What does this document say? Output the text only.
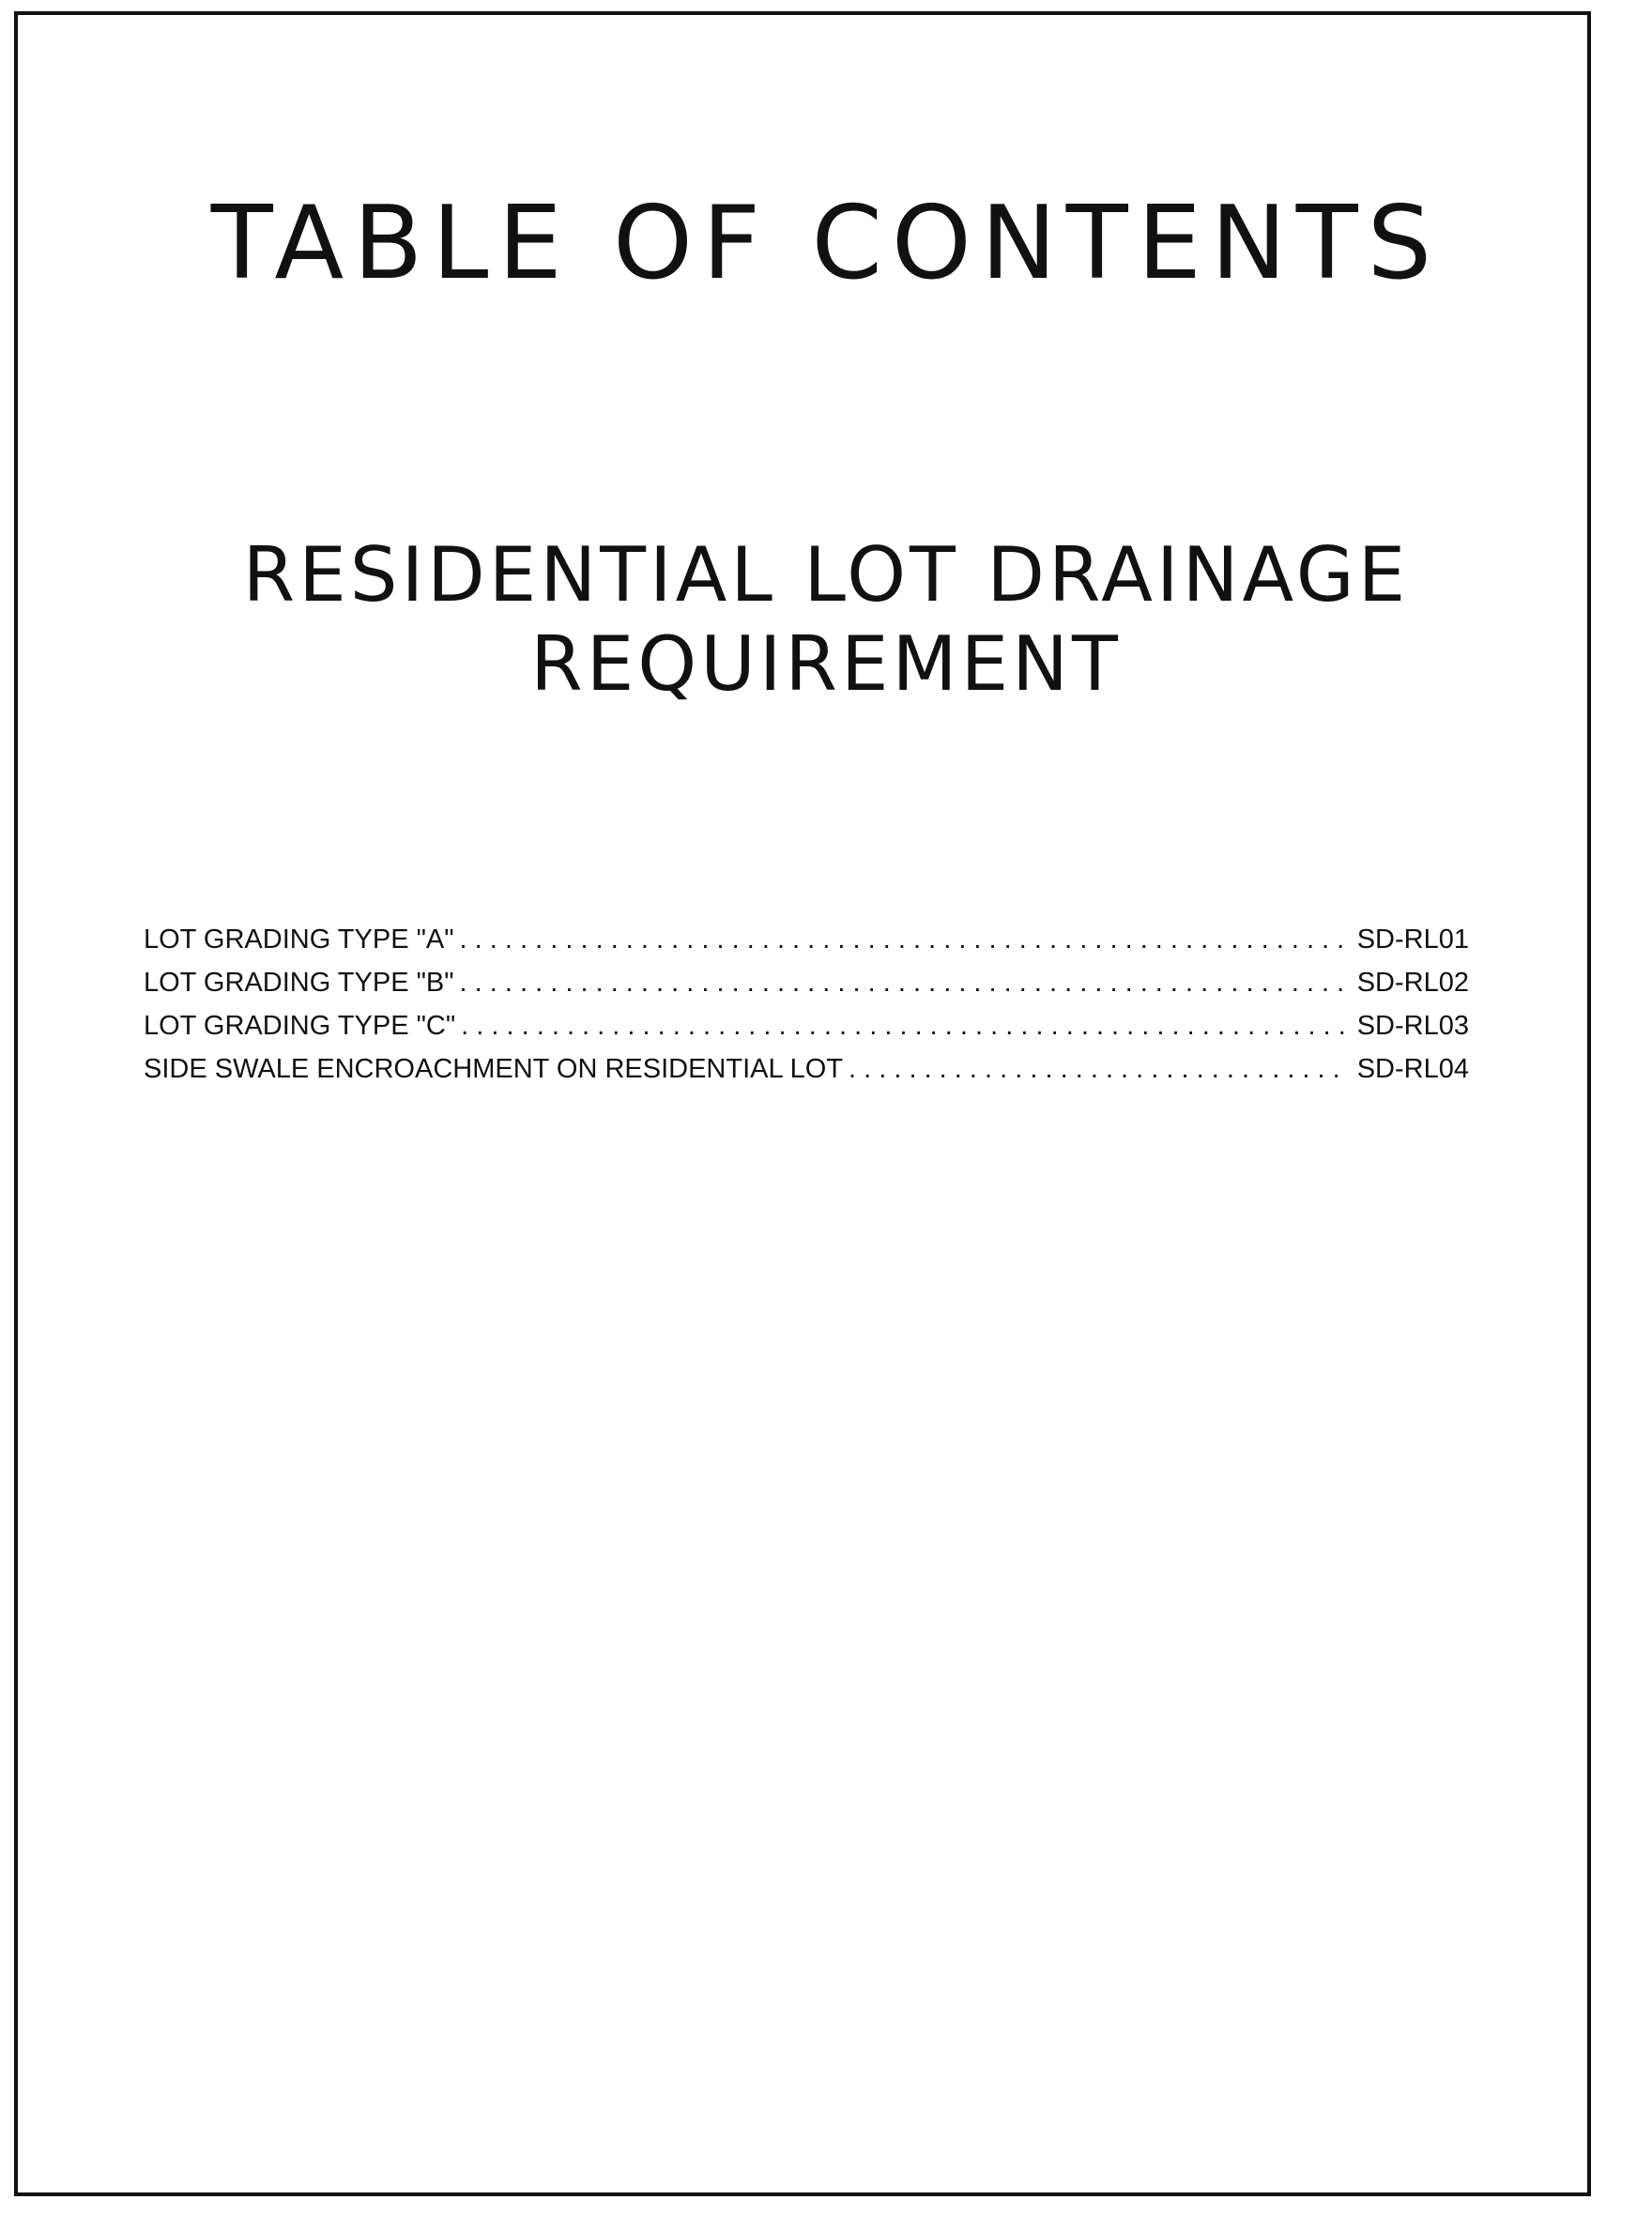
TABLE OF CONTENTS
RESIDENTIAL LOT DRAINAGE
REQUIREMENT
LOT GRADING TYPE "A" . . .	SD-RL01
LOT GRADING TYPE "B" . . .	SD-RL02
LOT GRADING TYPE "C" . . .	SD-RL03
SIDE SWALE ENCROACHMENT ON RESIDENTIAL LOT . . .	SD-RL04
